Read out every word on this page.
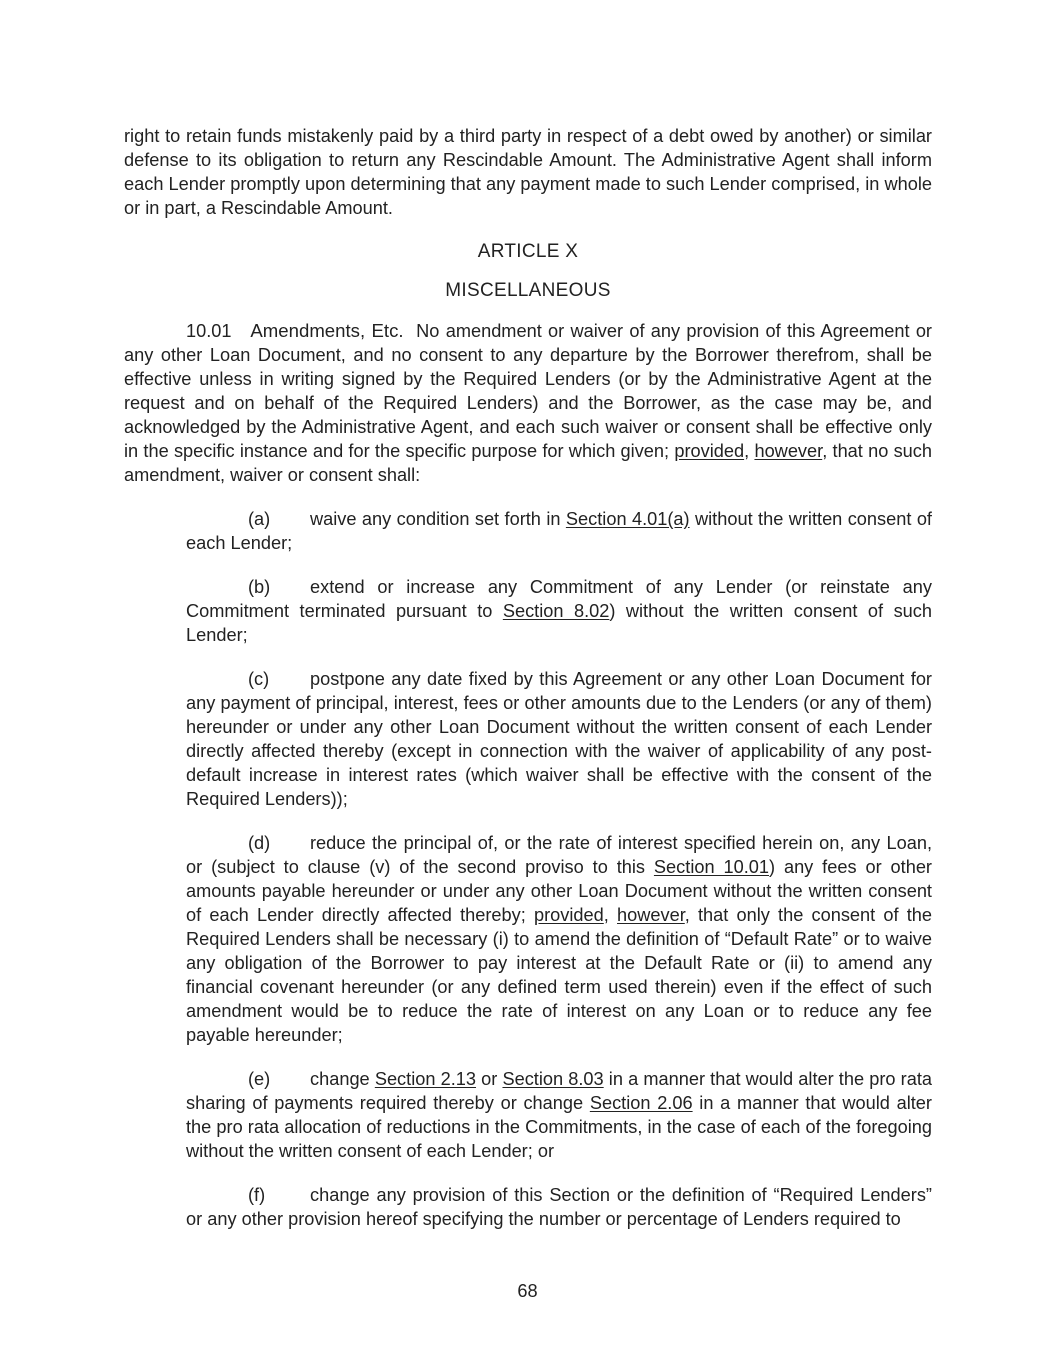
right to retain funds mistakenly paid by a third party in respect of a debt owed by another) or similar defense to its obligation to return any Rescindable Amount. The Administrative Agent shall inform each Lender promptly upon determining that any payment made to such Lender comprised, in whole or in part, a Rescindable Amount.

ARTICLE X
MISCELLANEOUS

10.01 Amendments, Etc. No amendment or waiver of any provision of this Agreement or any other Loan Document, and no consent to any departure by the Borrower therefrom, shall be effective unless in writing signed by the Required Lenders (or by the Administrative Agent at the request and on behalf of the Required Lenders) and the Borrower, as the case may be, and acknowledged by the Administrative Agent, and each such waiver or consent shall be effective only in the specific instance and for the specific purpose for which given; provided, however, that no such amendment, waiver or consent shall:

(a) waive any condition set forth in Section 4.01(a) without the written consent of each Lender;

(b) extend or increase any Commitment of any Lender (or reinstate any Commitment terminated pursuant to Section 8.02) without the written consent of such Lender;

(c) postpone any date fixed by this Agreement or any other Loan Document for any payment of principal, interest, fees or other amounts due to the Lenders (or any of them) hereunder or under any other Loan Document without the written consent of each Lender directly affected thereby (except in connection with the waiver of applicability of any post-default increase in interest rates (which waiver shall be effective with the consent of the Required Lenders));

(d) reduce the principal of, or the rate of interest specified herein on, any Loan, or (subject to clause (v) of the second proviso to this Section 10.01) any fees or other amounts payable hereunder or under any other Loan Document without the written consent of each Lender directly affected thereby; provided, however, that only the consent of the Required Lenders shall be necessary (i) to amend the definition of “Default Rate” or to waive any obligation of the Borrower to pay interest at the Default Rate or (ii) to amend any financial covenant hereunder (or any defined term used therein) even if the effect of such amendment would be to reduce the rate of interest on any Loan or to reduce any fee payable hereunder;

(e) change Section 2.13 or Section 8.03 in a manner that would alter the pro rata sharing of payments required thereby or change Section 2.06 in a manner that would alter the pro rata allocation of reductions in the Commitments, in the case of each of the foregoing without the written consent of each Lender; or

(f) change any provision of this Section or the definition of “Required Lenders” or any other provision hereof specifying the number or percentage of Lenders required to

68
